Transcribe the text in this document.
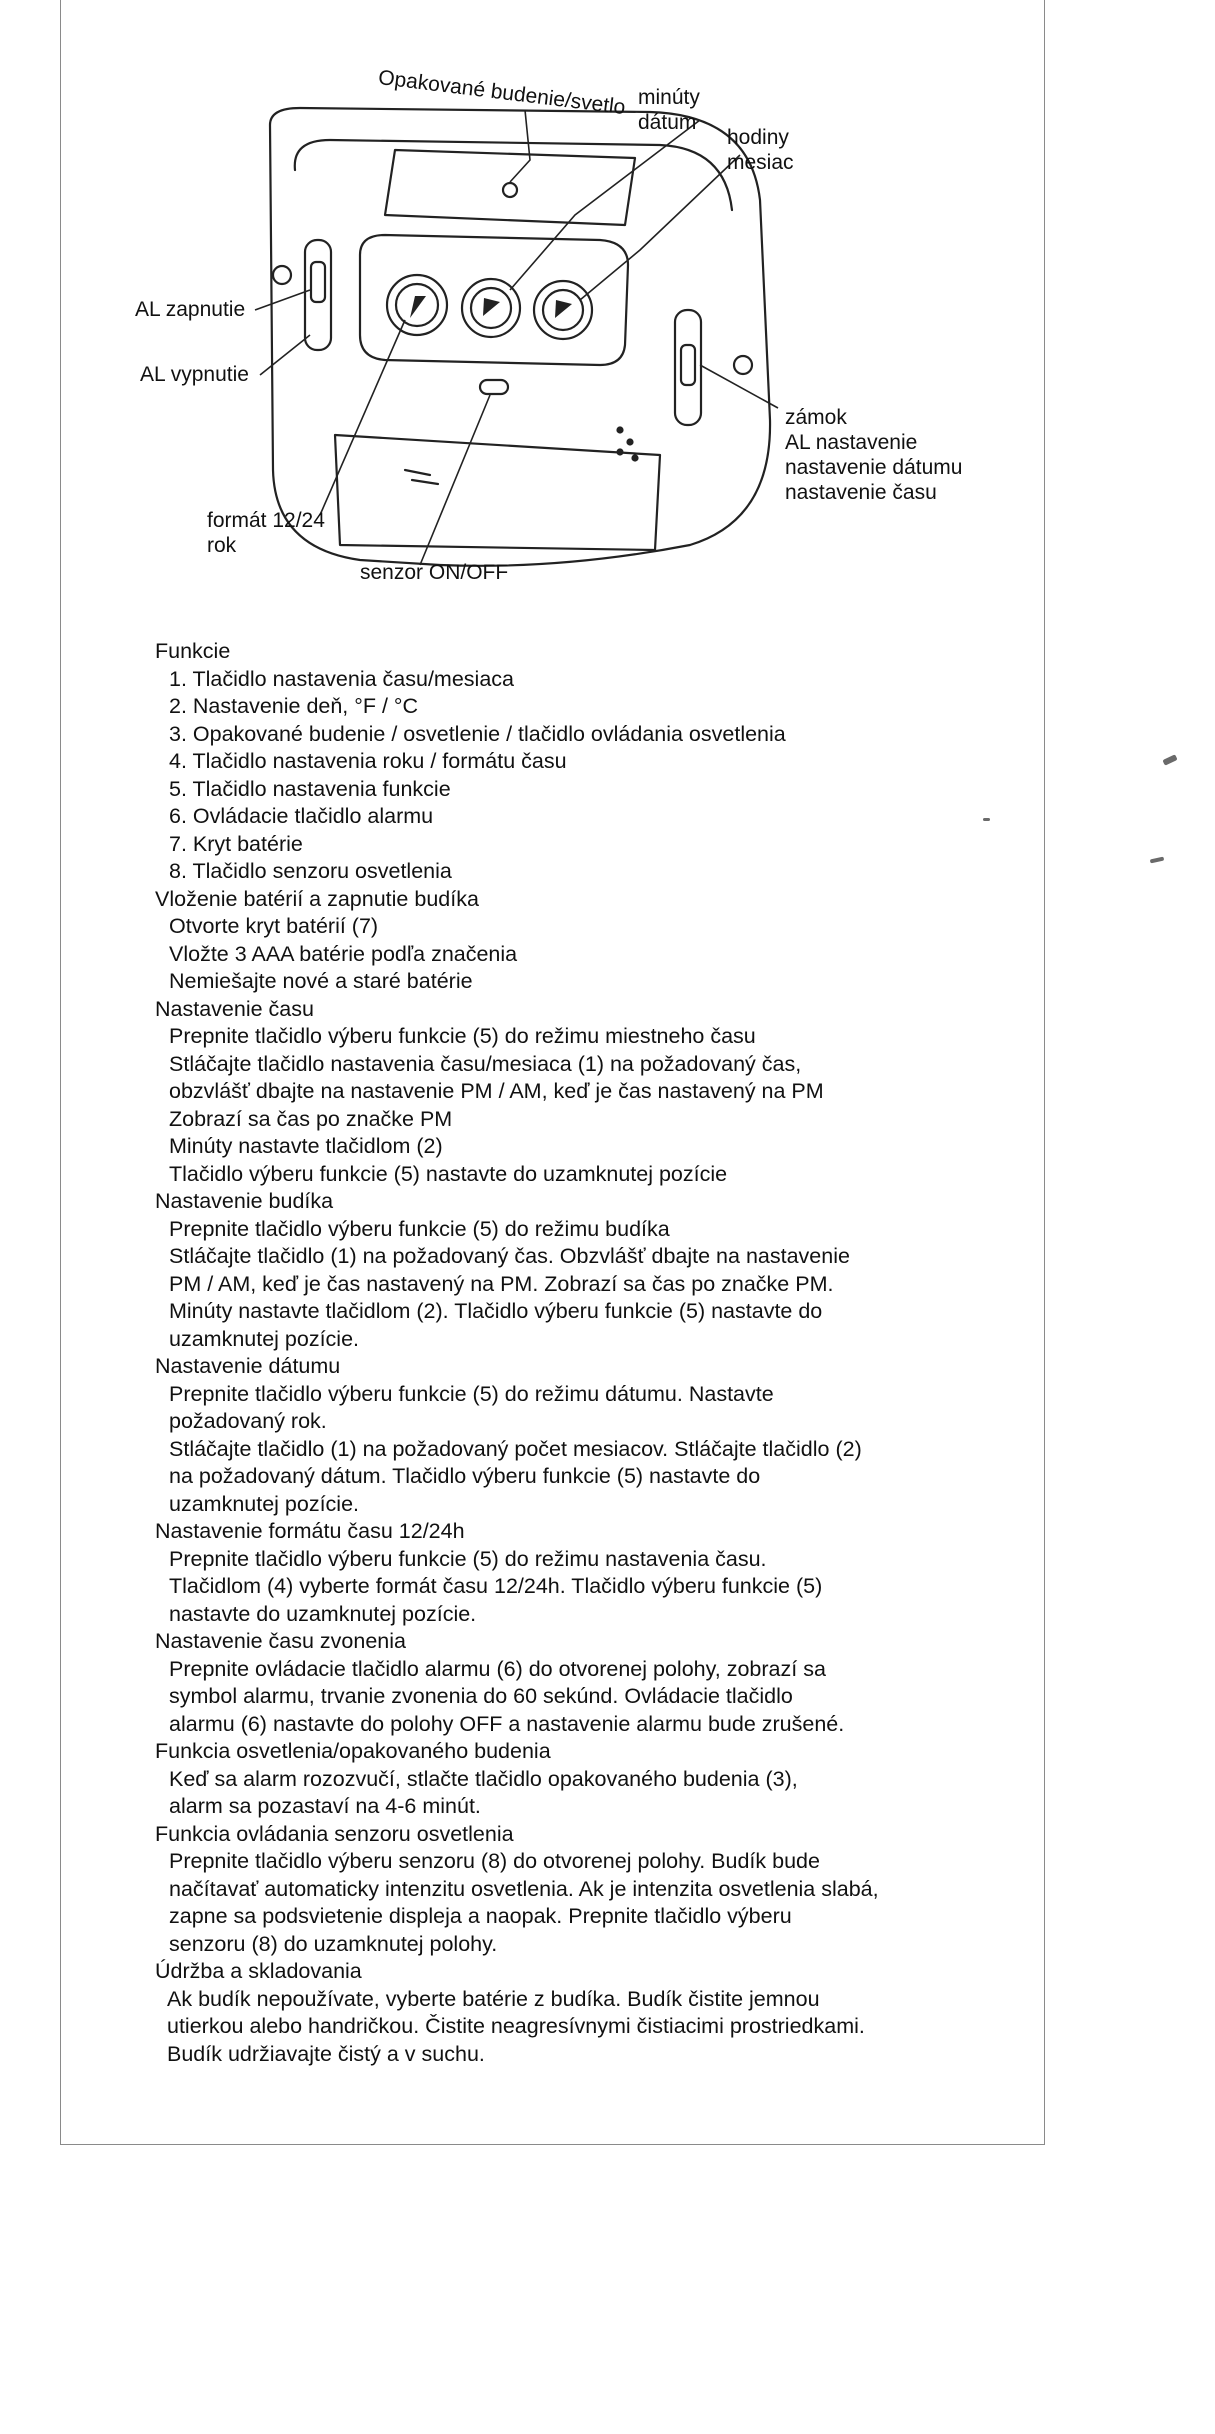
Opakované budenie/svetlo minúty
dátum
hodiny
mesiac
AL zapnutie
AL vypnutie
zámok
AL nastavenie
nastavenie dátumu
nastavenie času
formát 12/24
rok
senzor ON/OFF
Funkcie
1. Tlačidlo nastavenia času/mesiaca
2. Nastavenie deň, °F / °C
3. Opakované budenie / osvetlenie / tlačidlo ovládania osvetlenia
4. Tlačidlo nastavenia roku / formátu času
5. Tlačidlo nastavenia funkcie
6. Ovládacie tlačidlo alarmu
7. Kryt batérie
8. Tlačidlo senzoru osvetlenia
Vloženie batérií a zapnutie budíka
Otvorte kryt batérií (7)
Vložte 3 AAA batérie podľa značenia
Nemiešajte nové a staré batérie
Nastavenie času
Prepnite tlačidlo výberu funkcie (5) do režimu miestneho času
Stláčajte tlačidlo nastavenia času/mesiaca (1) na požadovaný čas,
obzvlášť dbajte na nastavenie PM / AM, keď je čas nastavený na PM
Zobrazí sa čas po značke PM
Minúty nastavte tlačidlom (2)
Tlačidlo výberu funkcie (5) nastavte do uzamknutej pozície
Nastavenie budíka
Prepnite tlačidlo výberu funkcie (5) do režimu budíka
Stláčajte tlačidlo (1) na požadovaný čas. Obzvlášť dbajte na nastavenie
PM / AM, keď je čas nastavený na PM. Zobrazí sa čas po značke PM.
Minúty nastavte tlačidlom (2). Tlačidlo výberu funkcie (5) nastavte do
uzamknutej pozície.
Nastavenie dátumu
Prepnite tlačidlo výberu funkcie (5) do režimu dátumu. Nastavte
požadovaný rok.
Stláčajte tlačidlo (1) na požadovaný počet mesiacov. Stláčajte tlačidlo (2)
na požadovaný dátum. Tlačidlo výberu funkcie (5) nastavte do
uzamknutej pozície.
Nastavenie formátu času 12/24h
Prepnite tlačidlo výberu funkcie (5) do režimu nastavenia času.
Tlačidlom (4) vyberte formát času 12/24h. Tlačidlo výberu funkcie (5)
nastavte do uzamknutej pozície.
Nastavenie času zvonenia
Prepnite ovládacie tlačidlo alarmu (6) do otvorenej polohy, zobrazí sa
symbol alarmu, trvanie zvonenia do 60 sekúnd. Ovládacie tlačidlo
alarmu (6) nastavte do polohy OFF a nastavenie alarmu bude zrušené.
Funkcia osvetlenia/opakovaného budenia
Keď sa alarm rozozvučí, stlačte tlačidlo opakovaného budenia (3),
alarm sa pozastaví na 4-6 minút.
Funkcia ovládania senzoru osvetlenia
Prepnite tlačidlo výberu senzoru (8) do otvorenej polohy. Budík bude
načítavať automaticky intenzitu osvetlenia. Ak je intenzita osvetlenia slabá,
zapne sa podsvietenie displeja a naopak. Prepnite tlačidlo výberu
senzoru (8) do uzamknutej polohy.
Údržba a skladovania
Ak budík nepoužívate, vyberte batérie z budíka. Budík čistite jemnou
utierkou alebo handričkou. Čistite neagresívnymi čistiacimi prostriedkami.
Budík udržiavajte čistý a v suchu.
